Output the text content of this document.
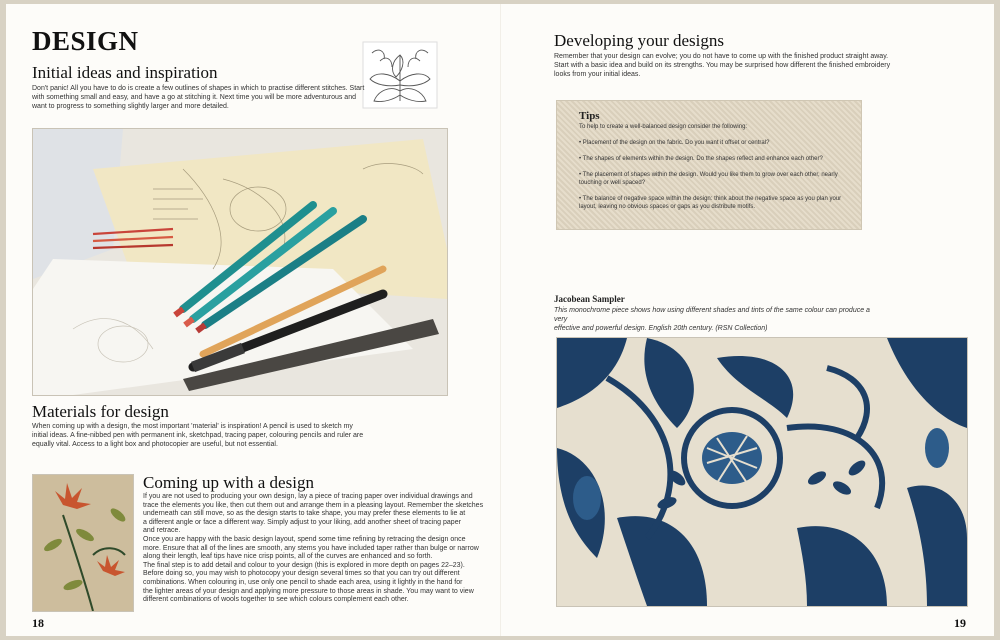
DESIGN
Initial ideas and inspiration
Don't panic! All you have to do is create a few outlines of shapes in which to practise different stitches. Start
with something small and easy, and have a go at stitching it. Next time you will be more adventurous and
want to progress to something slightly larger and more detailed.
Materials for design
When coming up with a design, the most important 'material' is inspiration! A pencil is used to sketch my
initial ideas. A fine-nibbed pen with permanent ink, sketchpad, tracing paper, colouring pencils and ruler are
equally vital. Access to a light box and photocopier are useful, but not essential.
Coming up with a design
If you are not used to producing your own design, lay a piece of tracing paper over individual drawings and
trace the elements you like, then cut them out and arrange them in a pleasing layout. Remember the sketches
underneath can still move, so as the design starts to take shape, you may prefer these elements to lie at
a different angle or face a different way. Simply adjust to your liking, add another sheet of tracing paper
and retrace.
Once you are happy with the basic design layout, spend some time refining by retracing the design once
more. Ensure that all of the lines are smooth, any stems you have included taper rather than bulge or narrow
along their length, leaf tips have nice crisp points, all of the curves are enhanced and so forth.
The final step is to add detail and colour to your design (this is explored in more depth on pages 22–23).
Before doing so, you may wish to photocopy your design several times so that you can try out different
combinations. When colouring in, use only one pencil to shade each area, using it lightly in the hand for
the lighter areas of your design and applying more pressure to those areas in shade. You may want to view
different combinations of wools together to see which colours complement each other.
18
Developing your designs
Remember that your design can evolve; you do not have to come up with the finished product straight away.
Start with a basic idea and build on its strengths. You may be surprised how different the finished embroidery
looks from your initial ideas.
Tips
To help to create a well-balanced design consider the following:
• Placement of the design on the fabric. Do you want it offset or central?
• The shapes of elements within the design. Do the shapes reflect and enhance each other?
• The placement of shapes within the design. Would you like them to grow over each other, nearly
touching or well spaced?
• The balance of negative space within the design: think about the negative space as you plan your
layout, leaving no obvious spaces or gaps as you distribute motifs.
Jacobean Sampler
This monochrome piece shows how using different shades and tints of the same colour can produce a very
effective and powerful design. English 20th century. (RSN Collection)
19
